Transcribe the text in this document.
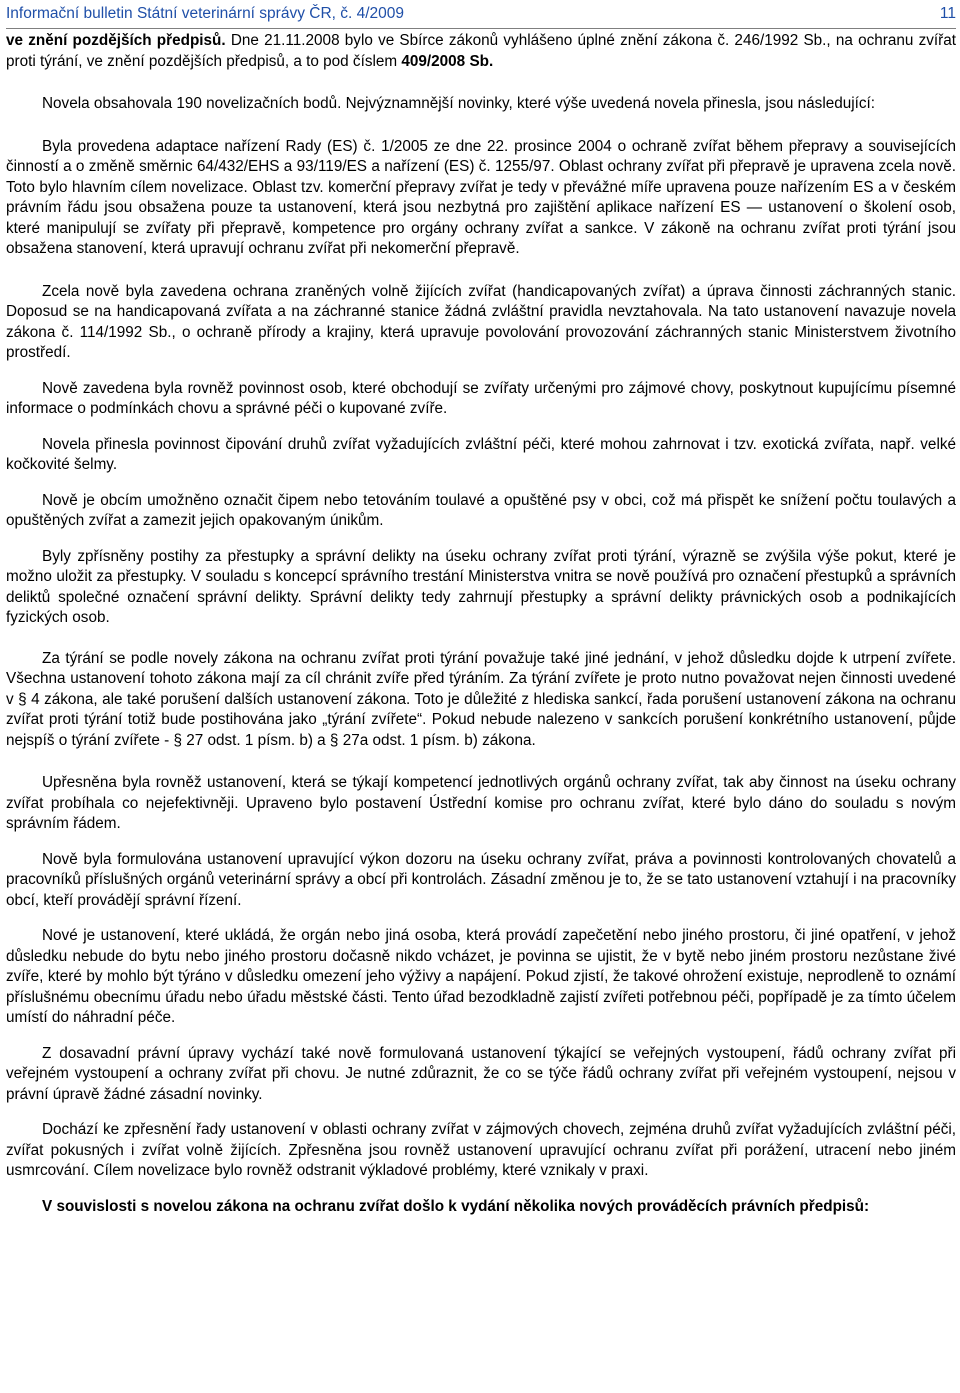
Informační bulletin Státní veterinární správy ČR, č. 4/2009	11

ve znění pozdějších předpisů. Dne 21.11.2008 bylo ve Sbírce zákonů vyhlášeno úplné znění zákona č. 246/1992 Sb., na ochranu zvířat proti týrání, ve znění pozdějších předpisů, a to pod číslem 409/2008 Sb.

Novela obsahovala 190 novelizačních bodů. Nejvýznamnější novinky, které výše uvedená novela přinesla, jsou následující:

Byla provedena adaptace nařízení Rady (ES) č. 1/2005 ze dne 22. prosince 2004 o ochraně zvířat během přepravy a souvisejících činností a o změně směrnic 64/432/EHS a 93/119/ES a nařízení (ES) č. 1255/97. Oblast ochrany zvířat při přepravě je upravena zcela nově. Toto bylo hlavním cílem novelizace. Oblast tzv. komerční přepravy zvířat je tedy v převážné míře upravena pouze nařízením ES a v českém právním řádu jsou obsažena pouze ta ustanovení, která jsou nezbytná pro zajištění aplikace nařízení ES — ustanovení o školení osob, které manipulují se zvířaty při přepravě, kompetence pro orgány ochrany zvířat a sankce. V zákoně na ochranu zvířat proti týrání jsou obsažena stanovení, která upravují ochranu zvířat při nekomerční přepravě.

Zcela nově byla zavedena ochrana zraněných volně žijících zvířat (handicapovaných zvířat) a úprava činnosti záchranných stanic. Doposud se na handicapovaná zvířata a na záchranné stanice žádná zvláštní pravidla nevztahovala. Na tato ustanovení navazuje novela zákona č. 114/1992 Sb., o ochraně přírody a krajiny, která upravuje povolování provozování záchranných stanic Ministerstvem životního prostředí.

Nově zavedena byla rovněž povinnost osob, které obchodují se zvířaty určenými pro zájmové chovy, poskytnout kupujícímu písemné informace o podmínkách chovu a správné péči o kupované zvíře.

Novela přinesla povinnost čipování druhů zvířat vyžadujících zvláštní péči, které mohou zahrnovat i tzv. exotická zvířata, např. velké kočkovité šelmy.

Nově je obcím umožněno označit čipem nebo tetováním toulavé a opuštěné psy v obci, což má přispět ke snížení počtu toulavých a opuštěných zvířat a zamezit jejich opakovaným únikům.

Byly zpřísněny postihy za přestupky a správní delikty na úseku ochrany zvířat proti týrání, výrazně se zvýšila výše pokut, které je možno uložit za přestupky. V souladu s koncepcí správního trestání Ministerstva vnitra se nově používá pro označení přestupků a správních deliktů společné označení správní delikty. Správní delikty tedy zahrnují přestupky a správní delikty právnických osob a podnikajících fyzických osob.

Za týrání se podle novely zákona na ochranu zvířat proti týrání považuje také jiné jednání, v jehož důsledku dojde k utrpení zvířete. Všechna ustanovení tohoto zákona mají za cíl chránit zvíře před týráním. Za týrání zvířete je proto nutno považovat nejen činnosti uvedené v § 4 zákona, ale také porušení dalších ustanovení zákona. Toto je důležité z hlediska sankcí, řada porušení ustanovení zákona na ochranu zvířat proti týrání totiž bude postihována jako „týrání zvířete“. Pokud nebude nalezeno v sankcích porušení konkrétního ustanovení, půjde nejspíš o týrání zvířete - § 27 odst. 1 písm. b) a § 27a odst. 1 písm. b) zákona.

Upřesněna byla rovněž ustanovení, která se týkají kompetencí jednotlivých orgánů ochrany zvířat, tak aby činnost na úseku ochrany zvířat probíhala co nejefektivněji. Upraveno bylo postavení Ústřední komise pro ochranu zvířat, které bylo dáno do souladu s novým správním řádem.

Nově byla formulována ustanovení upravující výkon dozoru na úseku ochrany zvířat, práva a povinnosti kontrolovaných chovatelů a pracovníků příslušných orgánů veterinární správy a obcí při kontrolách. Zásadní změnou je to, že se tato ustanovení vztahují i na pracovníky obcí, kteří provádějí správní řízení.

Nové je ustanovení, které ukládá, že orgán nebo jiná osoba, která provádí zapečetění nebo jiného prostoru, či jiné opatření, v jehož důsledku nebude do bytu nebo jiného prostoru dočasně nikdo vcházet, je povinna se ujistit, že v bytě nebo jiném prostoru nezůstane živé zvíře, které by mohlo být týráno v důsledku omezení jeho výživy a napájení. Pokud zjistí, že takové ohrožení existuje, neprodleně to oznámí příslušnému obecnímu úřadu nebo úřadu městské části. Tento úřad bezodkladně zajistí zvířeti potřebnou péči, popřípadě je za tímto účelem umístí do náhradní péče.

Z dosavadní právní úpravy vychází také nově formulovaná ustanovení týkající se veřejných vystoupení, řádů ochrany zvířat při veřejném vystoupení a ochrany zvířat při chovu. Je nutné zdůraznit, že co se týče řádů ochrany zvířat při veřejném vystoupení, nejsou v právní úpravě žádné zásadní novinky.

Dochází ke zpřesnění řady ustanovení v oblasti ochrany zvířat v zájmových chovech, zejména druhů zvířat vyžadujících zvláštní péči, zvířat pokusných i zvířat volně žijících. Zpřesněna jsou rovněž ustanovení upravující ochranu zvířat při porážení, utracení nebo jiném usmrcování. Cílem novelizace bylo rovněž odstranit výkladové problémy, které vznikaly v praxi.

V souvislosti s novelou zákona na ochranu zvířat došlo k vydání několika nových prováděcích právních předpisů:
